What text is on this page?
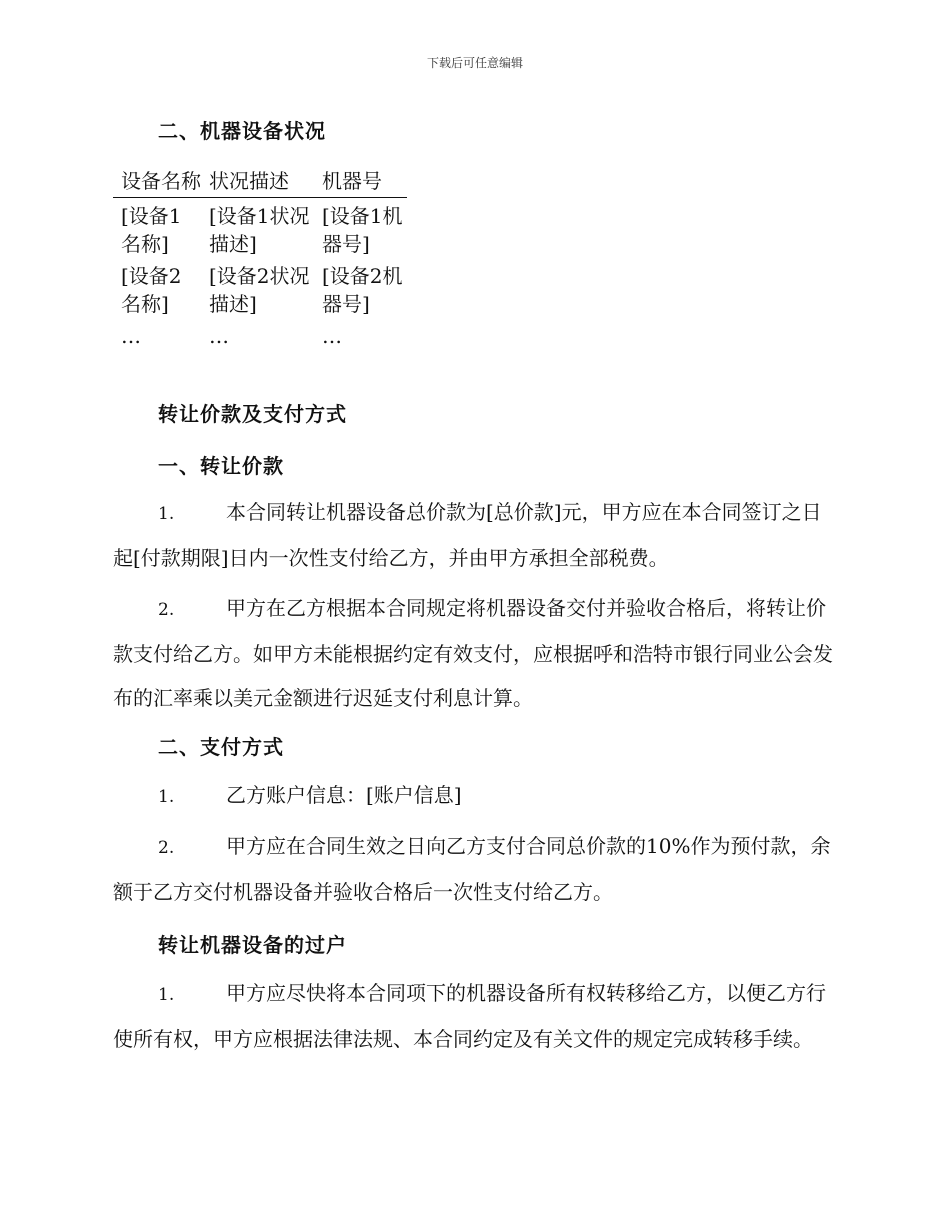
下载后可任意编辑
二、机器设备状况
设备名称	状况描述	机器号
[设备1名称]	[设备1状况描述]	[设备1机器号]
[设备2名称]	[设备2状况描述]	[设备2机器号]
…	…	…
转让价款及支付方式
一、转让价款
1.	本合同转让机器设备总价款为[总价款]元，甲方应在本合同签订之日起[付款期限]日内一次性支付给乙方，并由甲方承担全部税费。
2.	甲方在乙方根据本合同规定将机器设备交付并验收合格后，将转让价款支付给乙方。如甲方未能根据约定有效支付，应根据呼和浩特市银行同业公会发布的汇率乘以美元金额进行迟延支付利息计算。
二、支付方式
1.	乙方账户信息：[账户信息]
2.	甲方应在合同生效之日向乙方支付合同总价款的10%作为预付款，余额于乙方交付机器设备并验收合格后一次性支付给乙方。
转让机器设备的过户
1.	甲方应尽快将本合同项下的机器设备所有权转移给乙方，以便乙方行使所有权，甲方应根据法律法规、本合同约定及有关文件的规定完成转移手续。
